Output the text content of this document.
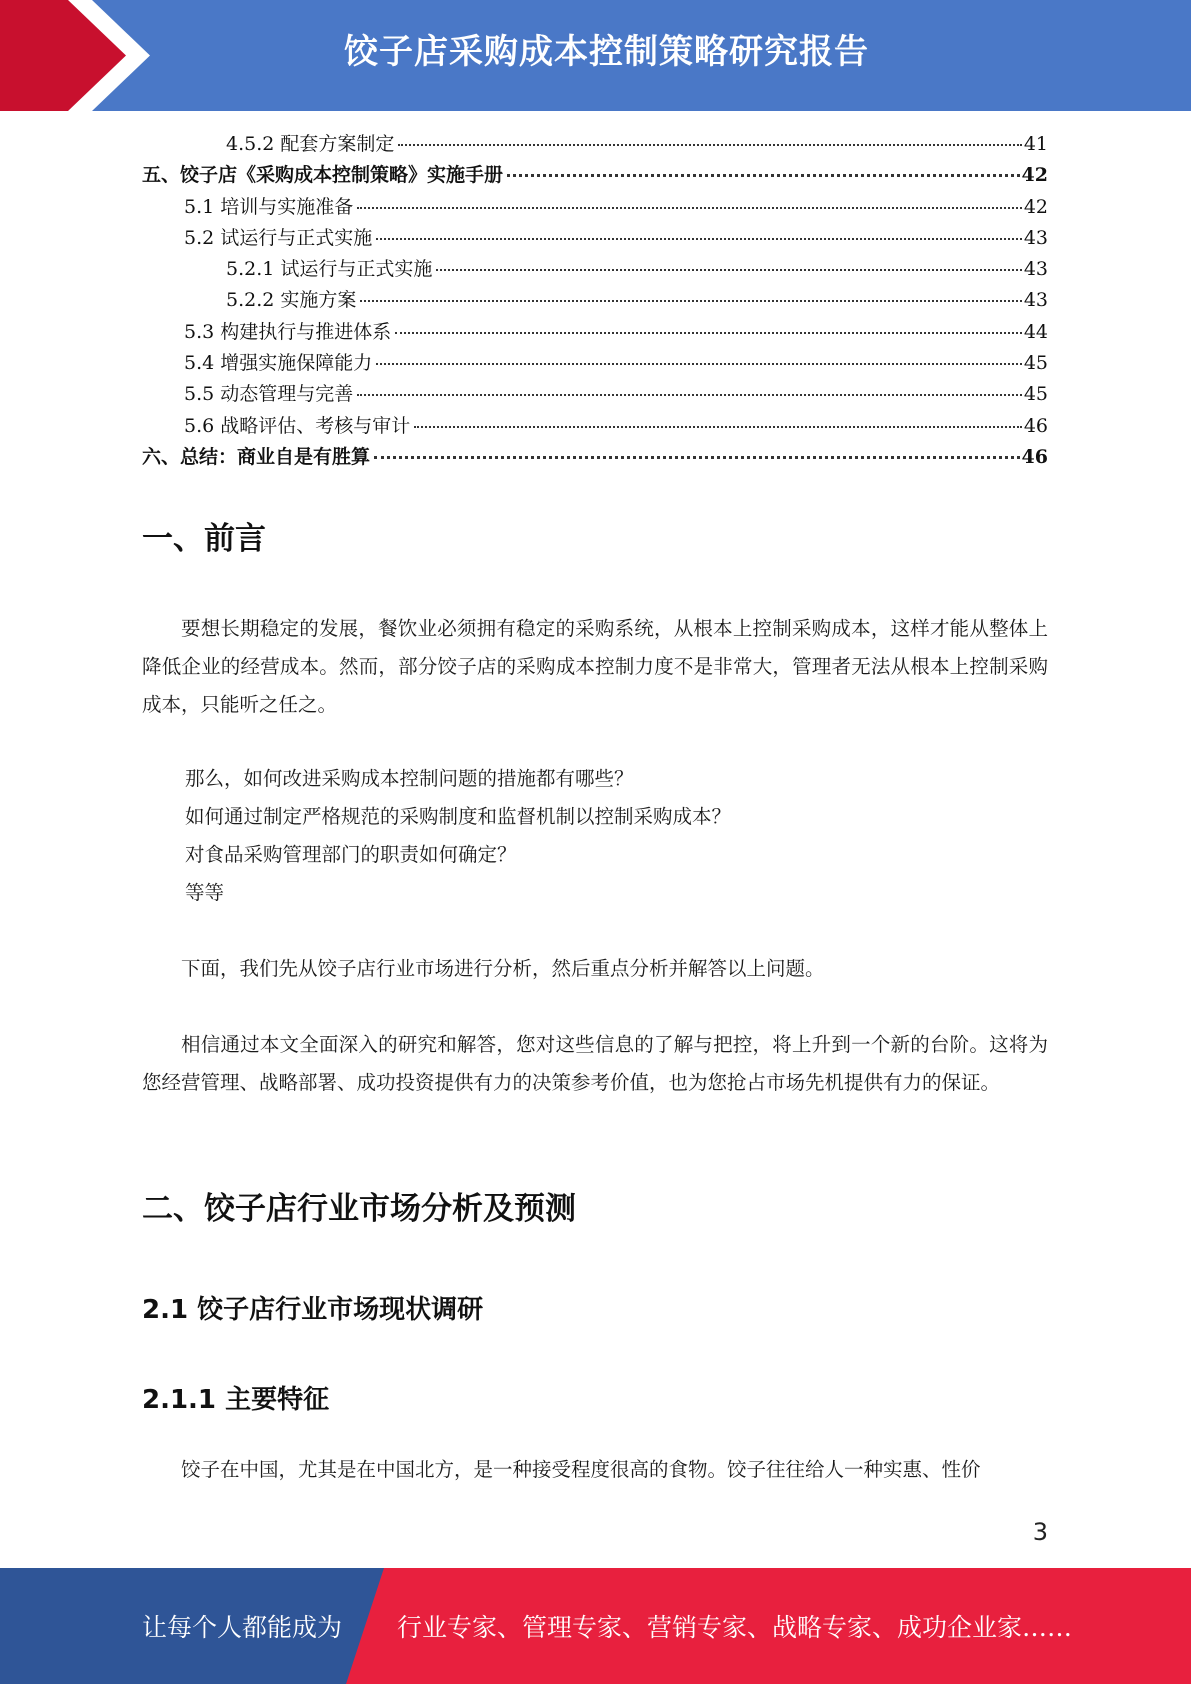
饺子店采购成本控制策略研究报告
4.5.2 配套方案制定	41
五、饺子店《采购成本控制策略》实施手册	42
5.1 培训与实施准备	42
5.2 试运行与正式实施	43
5.2.1 试运行与正式实施	43
5.2.2 实施方案	43
5.3 构建执行与推进体系	44
5.4 增强实施保障能力	45
5.5 动态管理与完善	45
5.6 战略评估、考核与审计	46
六、总结：商业自是有胜算	46
一、前言
要想长期稳定的发展，餐饮业必须拥有稳定的采购系统，从根本上控制采购成本，这样才能从整体上降低企业的经营成本。然而，部分饺子店的采购成本控制力度不是非常大，管理者无法从根本上控制采购成本，只能听之任之。
那么，如何改进采购成本控制问题的措施都有哪些？
如何通过制定严格规范的采购制度和监督机制以控制采购成本？
对食品采购管理部门的职责如何确定？
等等
下面，我们先从饺子店行业市场进行分析，然后重点分析并解答以上问题。
相信通过本文全面深入的研究和解答，您对这些信息的了解与把控，将上升到一个新的台阶。这将为您经营管理、战略部署、成功投资提供有力的决策参考价值，也为您抢占市场先机提供有力的保证。
二、饺子店行业市场分析及预测
2.1 饺子店行业市场现状调研
2.1.1 主要特征
饺子在中国，尤其是在中国北方，是一种接受程度很高的食物。饺子往往给人一种实惠、性价
3
让每个人都能成为 行业专家、管理专家、营销专家、战略专家、成功企业家……
